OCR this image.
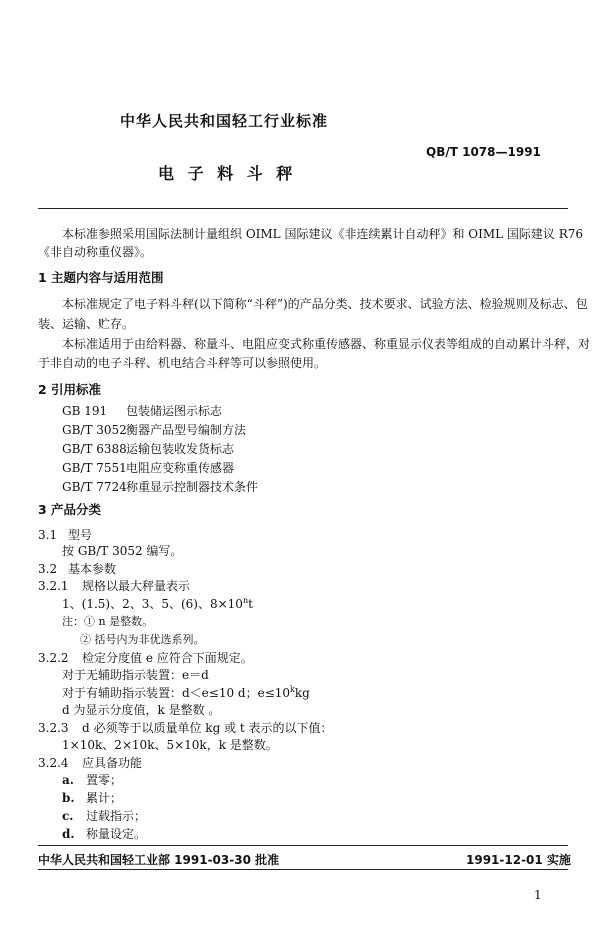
中华人民共和国轻工行业标准
QB/T 1078—1991
电 子 料 斗 秤
本标准参照采用国际法制计量组织 OIML 国际建议《非连续累计自动秤》和 OIML 国际建议 R76
《非自动称重仪器》。
1 主题内容与适用范围
本标准规定了电子料斗秤(以下简称“斗秤”)的产品分类、技术要求、试验方法、检验规则及标志、包
装、运输、贮存。
本标准适用于由给料器、称量斗、电阻应变式称重传感器、称重显示仪表等组成的自动累计斗秤，对
于非自动的电子斗秤、机电结合斗秤等可以参照使用。
2 引用标准
GB 191 包装储运图示标志
GB/T 3052衡器产品型号编制方法
GB/T 6388运输包装收发货标志
GB/T 7551电阻应变称重传感器
GB/T 7724称重显示控制器技术条件
3 产品分类
3.1 型号
按 GB/T 3052 编写。
3.2 基本参数
3.2.1 规格以最大秤量表示
1、(1.5)、2、3、5、(6)、$8\times 10^nt$
注：① n 是整数。
② 括号内为非优选系列。
3.2.2 检定分度值 e 应符合下面规定。
对于无辅助指示装置：e＝d
对于有辅助指示装置：d＜e≤10 d；$e\le 10^kkg$
d 为显示分度值，k 是整数 。
3.2.3 d 必须等于以质量单位 kg 或 t 表示的以下值：
1×10k、2×10k、5×10k，k 是整数。
3.2.4 应具备功能
a. 置零；
b. 累计；
c. 过载指示；
d. 称量设定。
中华人民共和国轻工业部 1991-03-30 批准	1991-12-01 实施
1
